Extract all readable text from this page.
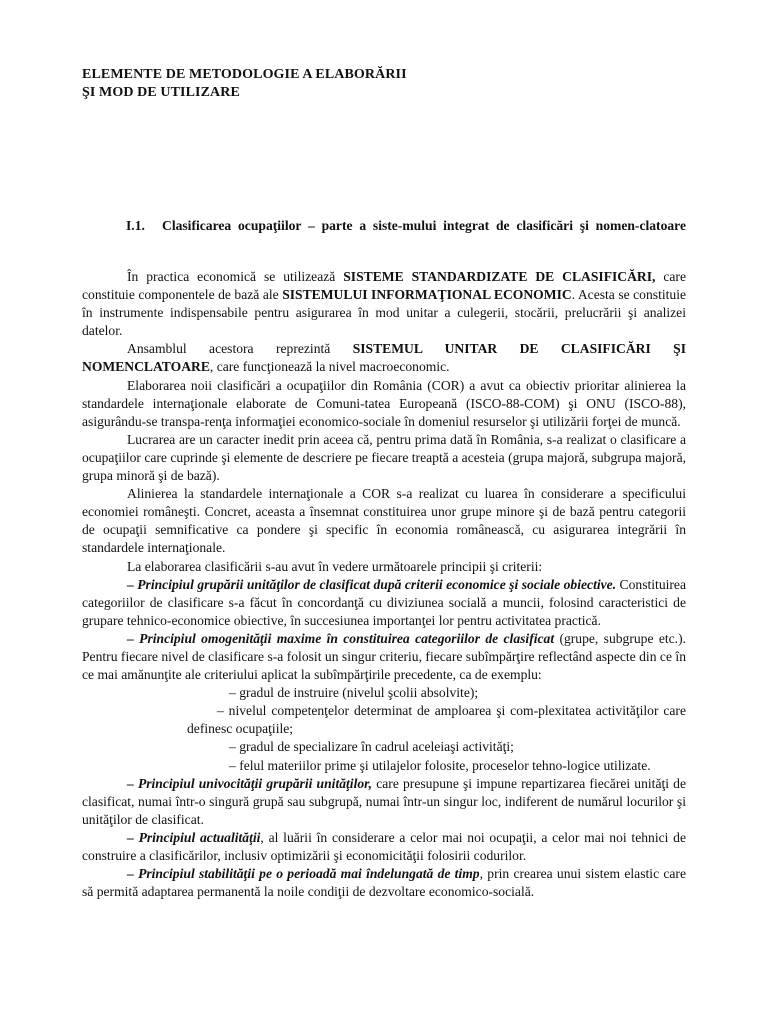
ELEMENTE DE METODOLOGIE A ELABORĂRII
ŞI MOD DE UTILIZARE
I.1. Clasificarea ocupaţiilor – parte a siste-mului integrat de clasificări şi nomen-clatoare

În practica economică se utilizează SISTEME STANDARDIZATE DE CLASIFICĂRI, care constituie componentele de bază ale SISTEMULUI INFORMAŢIONAL ECONOMIC. Acesta se constituie în instrumente indispensabile pentru asigurarea în mod unitar a culegerii, stocării, prelucrării şi analizei datelor.

Ansamblul acestora reprezintă SISTEMUL UNITAR DE CLASIFICĂRI ŞI NOMENCLATOARE, care funcţionează la nivel macroeconomic.

Elaborarea noii clasificări a ocupaţiilor din România (COR) a avut ca obiectiv prioritar alinierea la standardele internaţionale elaborate de Comuni-tatea Europeană (ISCO-88-COM) şi ONU (ISCO-88), asigurându-se transpa-renţa informaţiei economico-sociale în domeniul resurselor şi utilizării forţei de muncă.

Lucrarea are un caracter inedit prin aceea că, pentru prima dată în România, s-a realizat o clasificare a ocupaţiilor care cuprinde şi elemente de descriere pe fiecare treaptă a acesteia (grupa majoră, subgrupa majoră, grupa minoră şi de bază).

Alinierea la standardele internaţionale a COR s-a realizat cu luarea în considerare a specificului economiei româneşti. Concret, aceasta a însemnat constituirea unor grupe minore şi de bază pentru categorii de ocupaţii semnificative ca pondere şi specific în economia românească, cu asigurarea integrării în standardele internaţionale.

La elaborarea clasificării s-au avut în vedere următoarele principii şi criterii:

– Principiul grupării unităţilor de clasificat după criterii economice şi sociale obiective. Constituirea categoriilor de clasificare s-a făcut în concordanţă cu diviziunea socială a muncii, folosind caracteristici de grupare tehnico-economice obiective, în succesiunea importanţei lor pentru activitatea practică.

– Principiul omogenităţii maxime în constituirea categoriilor de clasificat (grupe, subgrupe etc.). Pentru fiecare nivel de clasificare s-a folosit un singur criteriu, fiecare subîmpărţire reflectând aspecte din ce în ce mai amănunţite ale criteriului aplicat la subîmpărţirile precedente, ca de exemplu:

– gradul de instruire (nivelul şcolii absolvite);
– nivelul competenţelor determinat de amploarea şi com-plexitatea activităţilor care definesc ocupaţiile;
– gradul de specializare în cadrul aceleiaşi activităţi;
– felul materiilor prime şi utilajelor folosite, proceselor tehno-logice utilizate.

– Principiul univocităţii grupării unităţilor, care presupune şi impune repartizarea fiecărei unităţi de clasificat, numai într-o singură grupă sau subgrupă, numai într-un singur loc, indiferent de numărul locurilor şi unităţilor de clasificat.

– Principiul actualităţii, al luării în considerare a celor mai noi ocupaţii, a celor mai noi tehnici de construire a clasificărilor, inclusiv optimizării şi economicităţii folosirii codurilor.

– Principiul stabilităţii pe o perioadă mai îndelungată de timp, prin crearea unui sistem elastic care să permită adaptarea permanentă la noile condiţii de dezvoltare economico-socială.
